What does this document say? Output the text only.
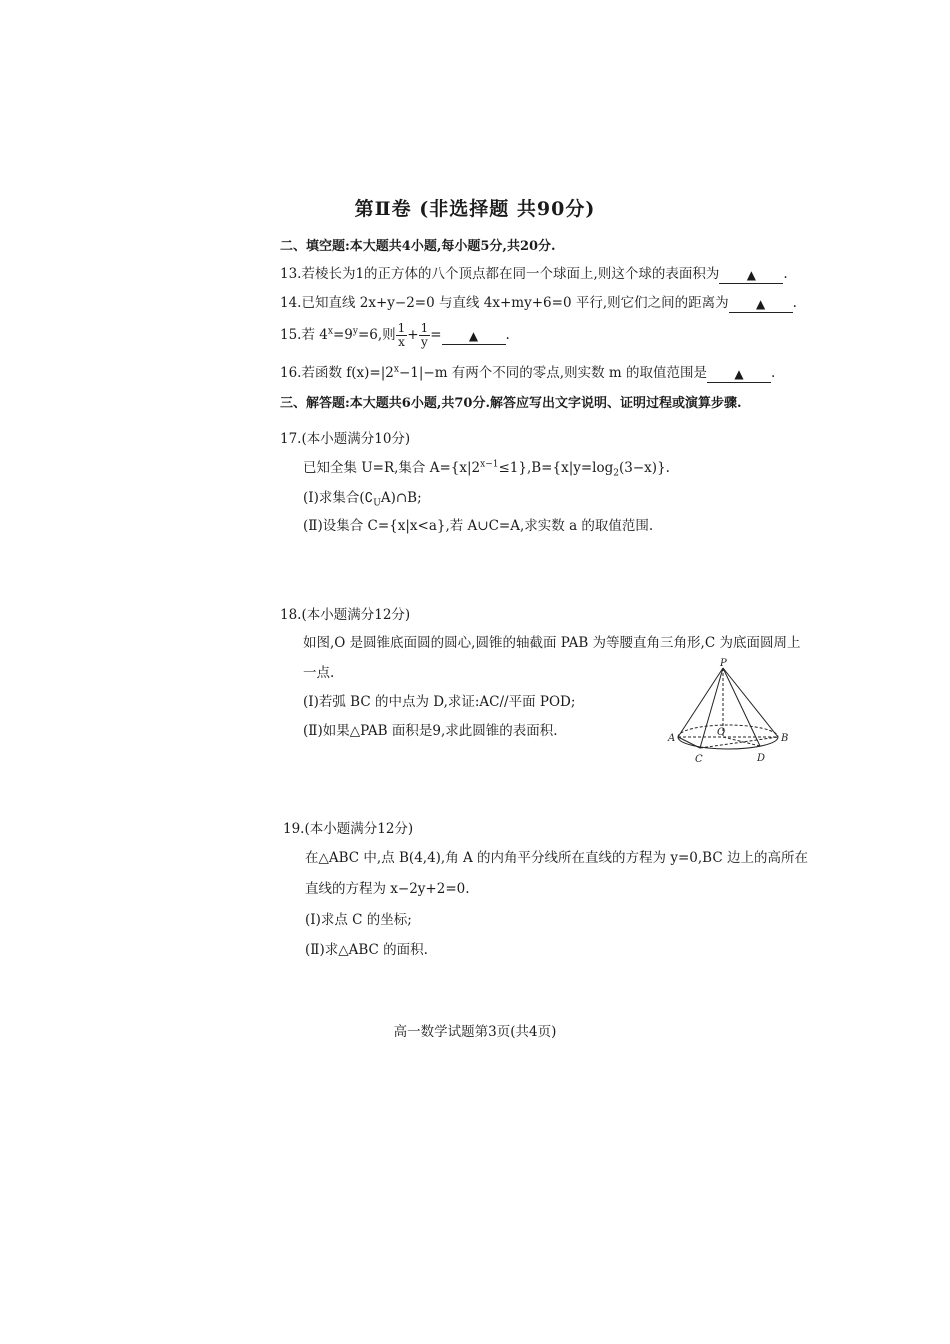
第Ⅱ卷 (非选择题 共90分)
二、填空题:本大题共4小题,每小题5分,共20分.
13.若棱长为1的正方体的八个顶点都在同一个球面上,则这个球的表面积为 ▲ .
14.已知直线 2x+y−2=0 与直线 4x+my+6=0 平行,则它们之间的距离为 ▲ .
15.若 $4^x=9^y=6$,则 $\frac{1}{x} + \frac{1}{y}$ = ▲ .
16.若函数 $f(x)=|2^x-1|-m$ 有两个不同的零点,则实数 m 的取值范围是 ▲ .
三、解答题:本大题共6小题,共70分.解答应写出文字说明、证明过程或演算步骤.
17.(本小题满分10分)
已知全集 U=R,集合 $A=\{x|2^{x-1}\le 1\},B=\{x|y=\log_2(3-x)\}$.
(Ⅰ)求集合$(∁_UA)\cap B$;
(Ⅱ)设集合 C={x|x<a},若 A∪C=A,求实数 a 的取值范围.
18.(本小题满分12分)
如图,O 是圆锥底面圆的圆心,圆锥的轴截面 PAB 为等腰直角三角形,C 为底面圆周上
一点.
(Ⅰ)若弧 BC 的中点为 D,求证:AC//平面 POD;
(Ⅱ)如果△PAB 面积是9,求此圆锥的表面积.
P
A	B
O
C	D
19.(本小题满分12分)
在△ABC 中,点 B(4,4),角 A 的内角平分线所在直线的方程为 y=0,BC 边上的高所在
直线的方程为 x−2y+2=0.
(Ⅰ)求点 C 的坐标;
(Ⅱ)求△ABC 的面积.
高一数学试题第3页(共4页)
